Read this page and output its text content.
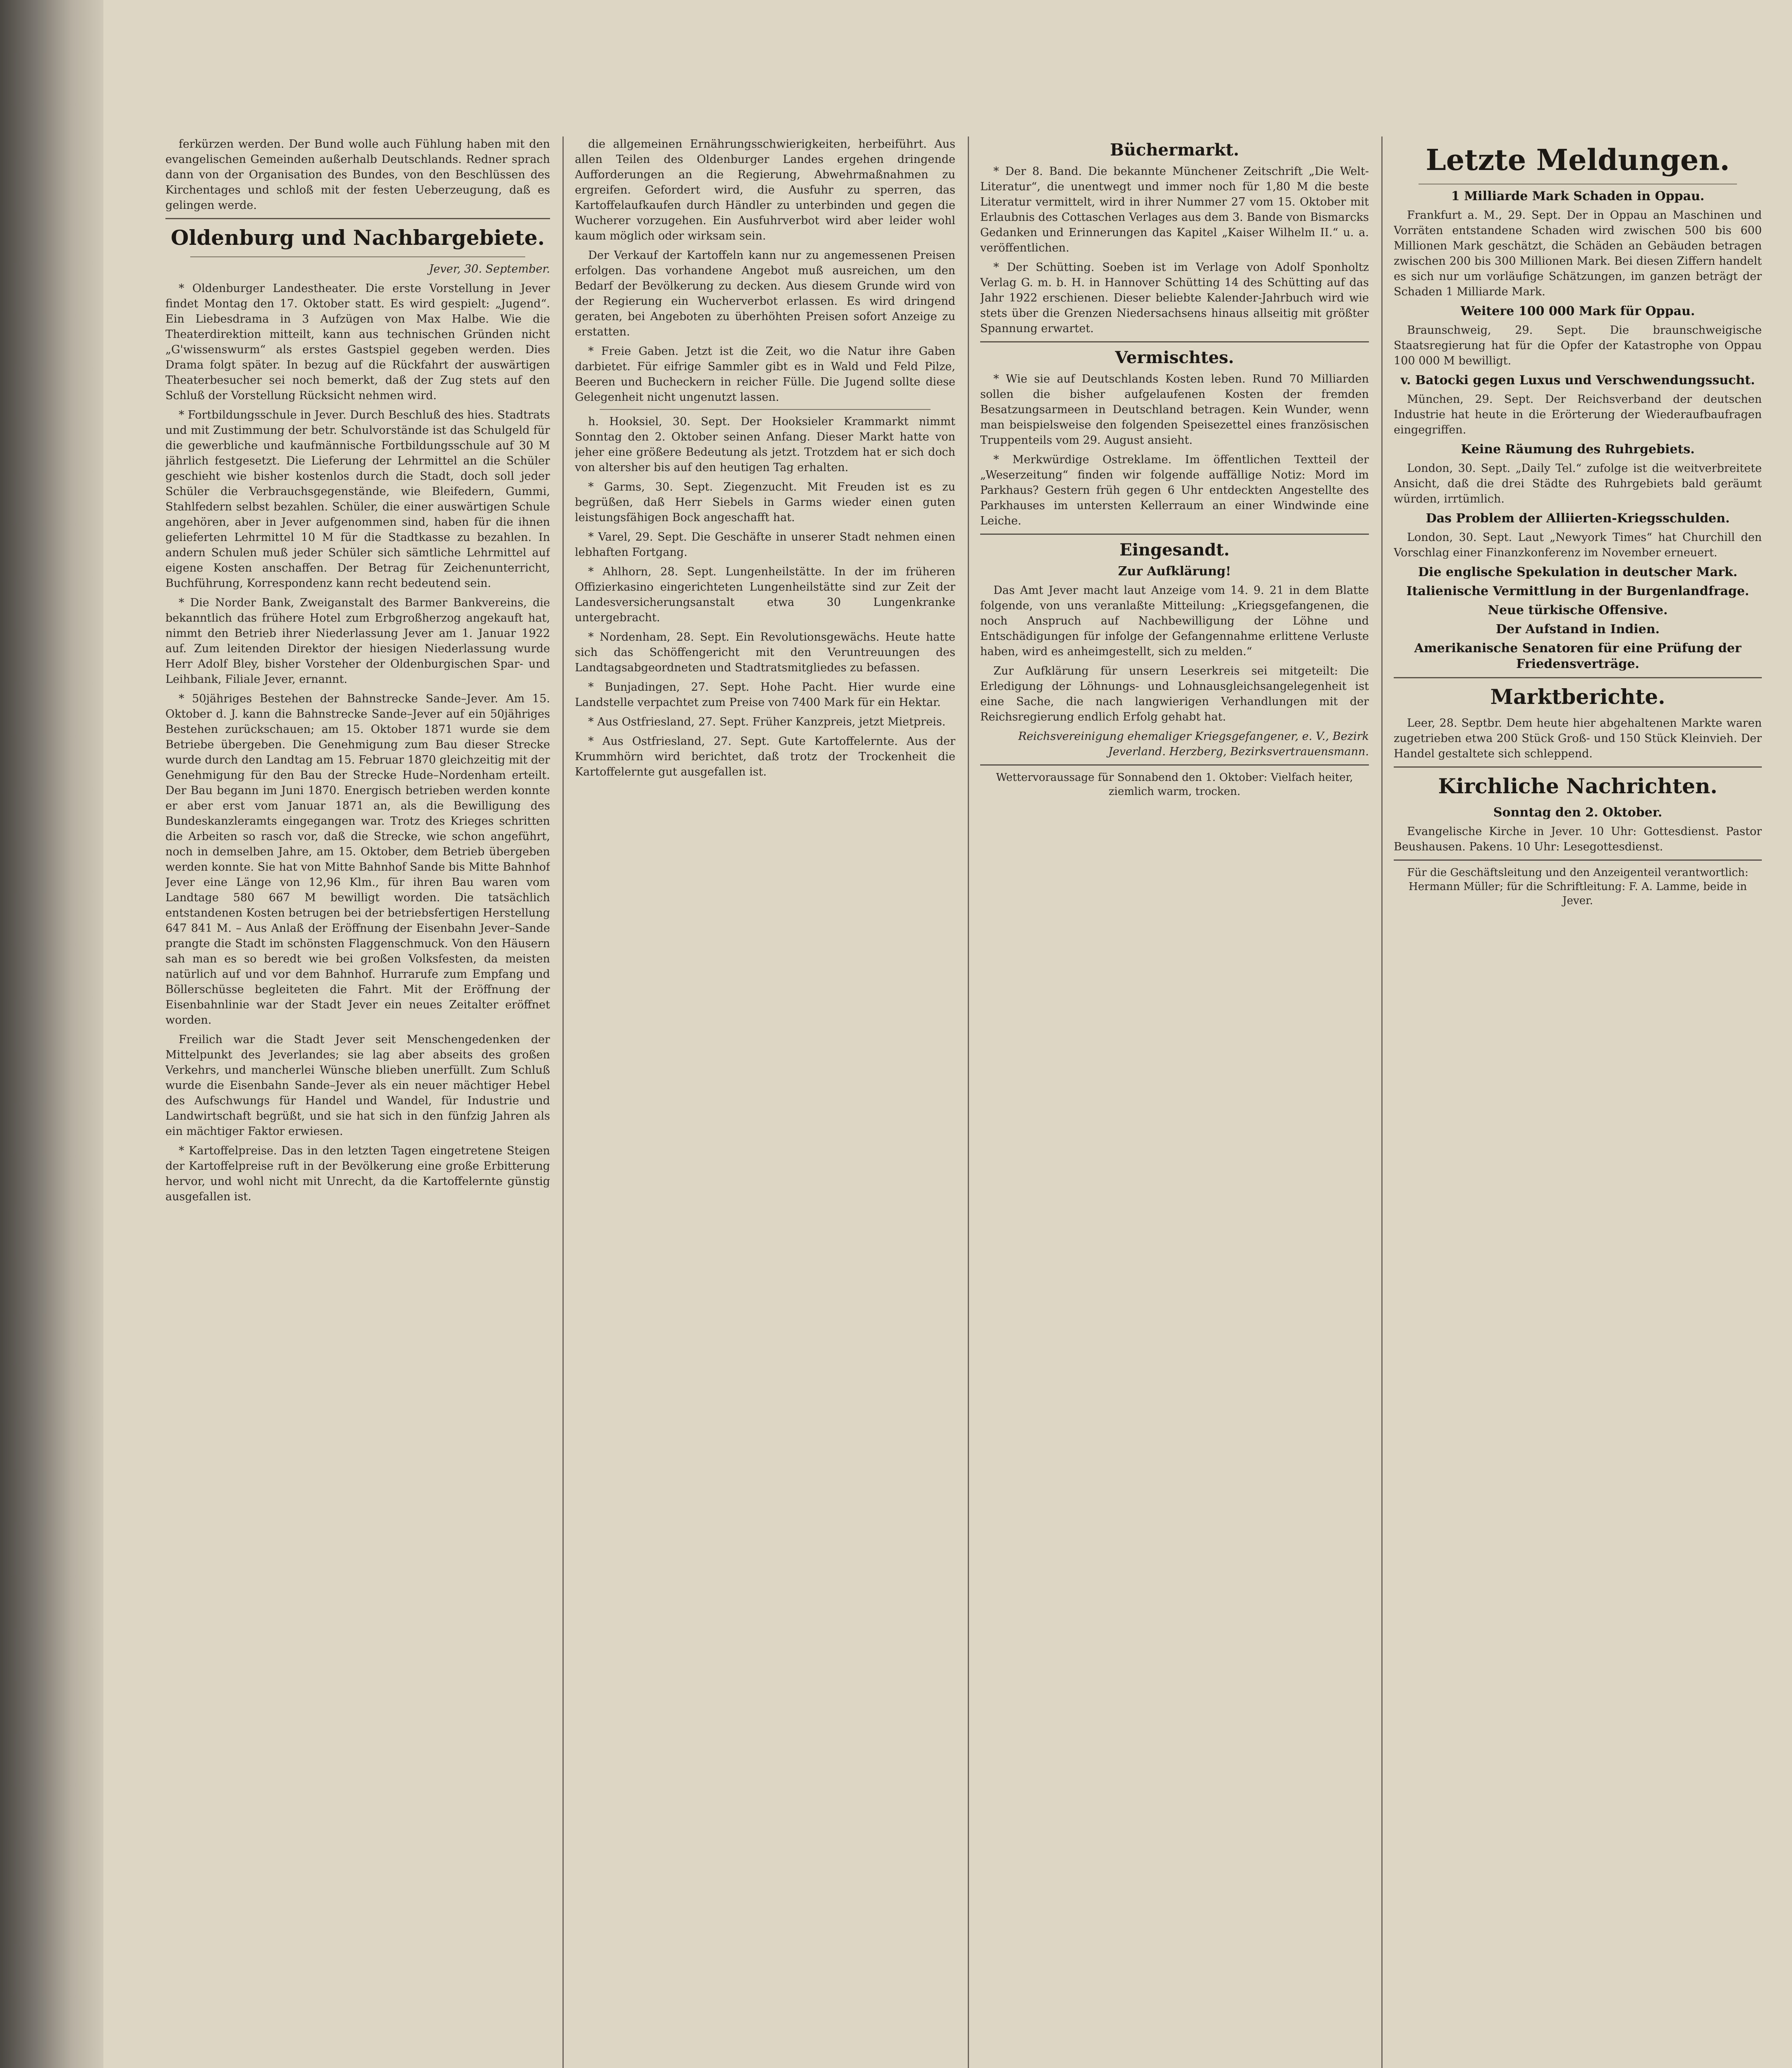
ferkürzen werden. Der Bund wolle auch Fühlung haben mit den evangelischen Gemeinden außerhalb Deutschlands. Redner sprach dann von der Organisation des Bundes, von den Beschlüssen des Kirchentages und schloß mit der festen Ueberzeugung, daß es gelingen werde.

Oldenburg und Nachbargebiete.

Jever, 30. September.

* Oldenburger Landestheater. Die erste Vorstellung in Jever findet Montag den 17. Oktober statt. Es wird gespielt: „Jugend“. Ein Liebesdrama in 3 Aufzügen von Max Halbe. Wie die Theaterdirektion mitteilt, kann aus technischen Gründen nicht „G'wissenswurm“ als erstes Gastspiel gegeben werden. Dies Drama folgt später. In bezug auf die Rückfahrt der auswärtigen Theaterbesucher sei noch bemerkt, daß der Zug stets auf den Schluß der Vorstellung Rücksicht nehmen wird.

* Fortbildungsschule in Jever. Durch Beschluß des hies. Stadtrats und mit Zustimmung der betr. Schulvorstände ist das Schulgeld für die gewerbliche und kaufmännische Fortbildungsschule auf 30 M jährlich festgesetzt. Die Lieferung der Lehrmittel an die Schüler geschieht wie bisher kostenlos durch die Stadt, doch soll jeder Schüler die Verbrauchsgegenstände, wie Bleifedern, Gummi, Stahlfedern selbst bezahlen. Schüler, die einer auswärtigen Schule angehören, aber in Jever aufgenommen sind, haben für die ihnen gelieferten Lehrmittel 10 M für die Stadtkasse zu bezahlen. In andern Schulen muß jeder Schüler sich sämtliche Lehrmittel auf eigene Kosten anschaffen. Der Betrag für Zeichenunterricht, Buchführung, Korrespondenz kann recht bedeutend sein.

* Die Norder Bank, Zweiganstalt des Barmer Bankvereins, die bekanntlich das frühere Hotel zum Erbgroßherzog angekauft hat, nimmt den Betrieb ihrer Niederlassung Jever am 1. Januar 1922 auf. Zum leitenden Direktor der hiesigen Niederlassung wurde Herr Adolf Bley, bisher Vorsteher der Oldenburgischen Spar- und Leihbank, Filiale Jever, ernannt.

* 50jähriges Bestehen der Bahnstrecke Sande–Jever. Am 15. Oktober d. J. kann die Bahnstrecke Sande–Jever auf ein 50jähriges Bestehen zurückschauen; am 15. Oktober 1871 wurde sie dem Betriebe übergeben. Die Genehmigung zum Bau dieser Strecke wurde durch den Landtag am 15. Februar 1870 gleichzeitig mit der Genehmigung für den Bau der Strecke Hude–Nordenham erteilt. Der Bau begann im Juni 1870. Energisch betrieben werden konnte er aber erst vom Januar 1871 an, als die Bewilligung des Bundeskanzleramts eingegangen war. Trotz des Krieges schritten die Arbeiten so rasch vor, daß die Strecke, wie schon angeführt, noch in demselben Jahre, am 15. Oktober, dem Betrieb übergeben werden konnte. Sie hat von Mitte Bahnhof Sande bis Mitte Bahnhof Jever eine Länge von 12,96 Klm., für ihren Bau waren vom Landtage 580 667 M bewilligt worden. Die tatsächlich entstandenen Kosten betrugen bei der betriebsfertigen Herstellung 647 841 M. – Aus Anlaß der Eröffnung der Eisenbahn Jever–Sande prangte die Stadt im schönsten Flaggenschmuck. Von den Häusern sah man es so beredt wie bei großen Volksfesten, da meisten natürlich auf und vor dem Bahnhof. Hurrarufe zum Empfang und Böllerschüsse begleiteten die Fahrt. Mit der Eröffnung der Eisenbahnlinie war der Stadt Jever ein neues Zeitalter eröffnet worden.

Freilich war die Stadt Jever seit Menschengedenken der Mittelpunkt des Jeverlandes; sie lag aber abseits des großen Verkehrs, und mancherlei Wünsche blieben unerfüllt. Zum Schluß wurde die Eisenbahn Sande–Jever als ein neuer mächtiger Hebel des Aufschwungs für Handel und Wandel, für Industrie und Landwirtschaft begrüßt, und sie hat sich in den fünfzig Jahren als ein mächtiger Faktor erwiesen.

* Kartoffelpreise. Das in den letzten Tagen eingetretene Steigen der Kartoffelpreise ruft in der Bevölkerung eine große Erbitterung hervor, und wohl nicht mit Unrecht, da die Kartoffelernte günstig ausgefallen ist.

die allgemeinen Ernährungsschwierigkeiten, herbeiführt. Aus allen Teilen des Oldenburger Landes ergehen dringende Aufforderungen an die Regierung, Abwehrmaßnahmen zu ergreifen. Gefordert wird, die Ausfuhr zu sperren, das Kartoffelaufkaufen durch Händler zu unterbinden und gegen die Wucherer vorzugehen. Ein Ausfuhrverbot wird aber leider wohl kaum möglich oder wirksam sein.

Der Verkauf der Kartoffeln kann nur zu angemessenen Preisen erfolgen. Das vorhandene Angebot muß ausreichen, um den Bedarf der Bevölkerung zu decken. Aus diesem Grunde wird von der Regierung ein Wucherverbot erlassen. Es wird dringend geraten, bei Angeboten zu überhöhten Preisen sofort Anzeige zu erstatten.

* Freie Gaben. Jetzt ist die Zeit, wo die Natur ihre Gaben darbietet. Für eifrige Sammler gibt es in Wald und Feld Pilze, Beeren und Bucheckern in reicher Fülle. Die Jugend sollte diese Gelegenheit nicht ungenutzt lassen.

h. Hooksiel, 30. Sept. Der Hooksieler Krammarkt nimmt Sonntag den 2. Oktober seinen Anfang. Dieser Markt hatte von jeher eine größere Bedeutung als jetzt. Trotzdem hat er sich doch von altersher bis auf den heutigen Tag erhalten.

* Garms, 30. Sept. Ziegenzucht. Mit Freuden ist es zu begrüßen, daß Herr Siebels in Garms wieder einen guten leistungsfähigen Bock angeschafft hat.

* Varel, 29. Sept. Die Geschäfte in unserer Stadt nehmen einen lebhaften Fortgang.

* Ahlhorn, 28. Sept. Lungenheilstätte. In der im früheren Offizierkasino eingerichteten Lungenheilstätte sind zur Zeit der Landesversicherungsanstalt etwa 30 Lungenkranke untergebracht.

* Nordenham, 28. Sept. Ein Revolutionsgewächs. Heute hatte sich das Schöffengericht mit den Veruntreuungen des Landtagsabgeordneten und Stadtratsmitgliedes zu befassen.

* Bunjadingen, 27. Sept. Hohe Pacht. Hier wurde eine Landstelle verpachtet zum Preise von 7400 Mark für ein Hektar.

* Aus Ostfriesland, 27. Sept. Früher Kanzpreis, jetzt Mietpreis.

* Aus Ostfriesland, 27. Sept. Gute Kartoffelernte. Aus der Krummhörn wird berichtet, daß trotz der Trockenheit die Kartoffelernte gut ausgefallen ist.

Büchermarkt.

* Der 8. Band. Die bekannte Münchener Zeitschrift „Die Welt-Literatur“, die unentwegt und immer noch für 1,80 M die beste Literatur vermittelt, wird in ihrer Nummer 27 vom 15. Oktober mit Erlaubnis des Cottaschen Verlages aus dem 3. Bande von Bismarcks Gedanken und Erinnerungen das Kapitel „Kaiser Wilhelm II.“ u. a. veröffentlichen.

* Der Schütting. Soeben ist im Verlage von Adolf Sponholtz Verlag G. m. b. H. in Hannover Schütting 14 des Schütting auf das Jahr 1922 erschienen. Dieser beliebte Kalender-Jahrbuch wird wie stets über die Grenzen Niedersachsens hinaus allseitig mit größter Spannung erwartet.

Vermischtes.

* Wie sie auf Deutschlands Kosten leben. Rund 70 Milliarden sollen die bisher aufgelaufenen Kosten der fremden Besatzungsarmeen in Deutschland betragen. Kein Wunder, wenn man beispielsweise den folgenden Speisezettel eines französischen Truppenteils vom 29. August ansieht.

* Merkwürdige Ostreklame. Im öffentlichen Textteil der „Weserzeitung“ finden wir folgende auffällige Notiz: Mord im Parkhaus? Gestern früh gegen 6 Uhr entdeckten Angestellte des Parkhauses im untersten Kellerraum an einer Windwinde eine Leiche.

Eingesandt.
Zur Aufklärung!

Das Amt Jever macht laut Anzeige vom 14. 9. 21 in dem Blatte folgende, von uns veranlaßte Mitteilung: „Kriegsgefangenen, die noch Anspruch auf Nachbewilligung der Löhne und Entschädigungen für infolge der Gefangennahme erlittene Verluste haben, wird es anheimgestellt, sich zu melden.“

Zur Aufklärung für unsern Leserkreis sei mitgeteilt: Die Erledigung der Löhnungs- und Lohnausgleichsangelegenheit ist eine Sache, die nach langwierigen Verhandlungen mit der Reichsregierung endlich Erfolg gehabt hat.

Reichsvereinigung ehemaliger Kriegsgefangener, e. V., Bezirk Jeverland. Herzberg, Bezirksvertrauensmann.

Wettervoraussage für Sonnabend den 1. Oktober: Vielfach heiter, ziemlich warm, trocken.

Letzte Meldungen.
1 Milliarde Mark Schaden in Oppau.

Frankfurt a. M., 29. Sept. Der in Oppau an Maschinen und Vorräten entstandene Schaden wird zwischen 500 bis 600 Millionen Mark geschätzt, die Schäden an Gebäuden betragen zwischen 200 bis 300 Millionen Mark. Bei diesen Ziffern handelt es sich nur um vorläufige Schätzungen, im ganzen beträgt der Schaden 1 Milliarde Mark.

Weitere 100 000 Mark für Oppau.

Braunschweig, 29. Sept. Die braunschweigische Staatsregierung hat für die Opfer der Katastrophe von Oppau 100 000 M bewilligt.

v. Batocki gegen Luxus und Verschwendungssucht.

München, 29. Sept. Der Reichsverband der deutschen Industrie hat heute in die Erörterung der Wiederaufbaufragen eingegriffen.

Keine Räumung des Ruhrgebiets.

London, 30. Sept. „Daily Tel.“ zufolge ist die weitverbreitete Ansicht, daß die drei Städte des Ruhrgebiets bald geräumt würden, irrtümlich.

Das Problem der Alliierten-Kriegsschulden.

London, 30. Sept. Laut „Newyork Times“ hat Churchill den Vorschlag einer Finanzkonferenz im November erneuert.

Die englische Spekulation in deutscher Mark.
Italienische Vermittlung in der Burgenlandfrage.
Neue türkische Offensive.
Der Aufstand in Indien.
Amerikanische Senatoren für eine Prüfung der Friedensverträge.
Marktberichte.

Leer, 28. Septbr. Dem heute hier abgehaltenen Markte waren zugetrieben etwa 200 Stück Groß- und 150 Stück Kleinvieh. Der Handel gestaltete sich schleppend.

Kirchliche Nachrichten.
Sonntag den 2. Oktober.

Evangelische Kirche in Jever. 10 Uhr: Gottesdienst. Pastor Beushausen. Pakens. 10 Uhr: Lesegottesdienst.

Für die Geschäftsleitung und den Anzeigenteil verantwortlich: Hermann Müller; für die Schriftleitung: F. A. Lamme, beide in Jever.
